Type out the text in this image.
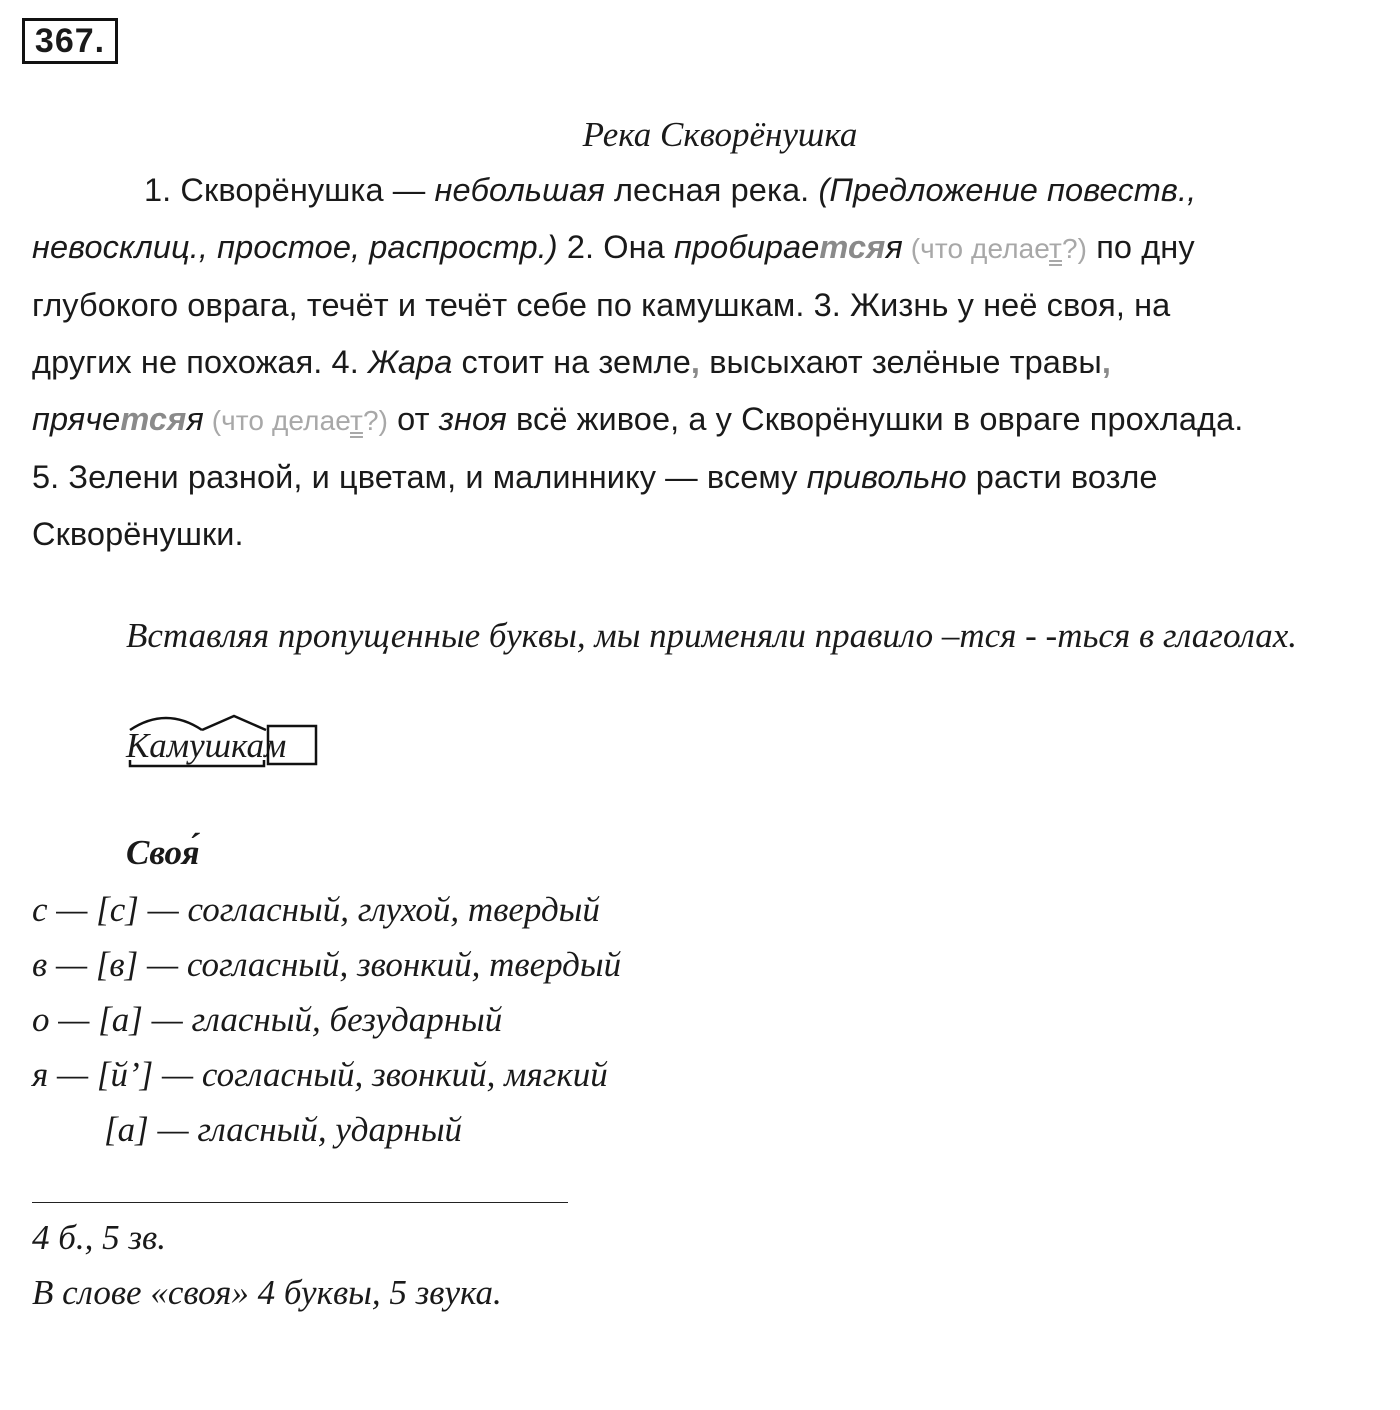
367.
Река Скворёнушка
1. Скворёнушка — небольшая лесная река. (Предложение повеств.,
невосклиц., простое, распростр.) 2. Она пробираетсяя (что делает?) по дну
глубокого оврага, течёт и течёт себе по камушкам. 3. Жизнь у неё своя, на
других не похожая. 4. Жара стоит на земле, высыхают зелёные травы,
прячетсяя (что делает?) от зноя всё живое, а у Скворёнушки в овраге прохлада.
5. Зелени разной, и цветам, и малиннику — всему привольно расти возле
Скворёнушки.
Вставляя пропущенные буквы, мы применяли правило –тся - -ться в глаголах.
Камушкам
Своя́
с — [с] — согласный, глухой, твердый
в — [в] — согласный, звонкий, твердый
о — [а] — гласный, безударный
я — [й’] — согласный, звонкий, мягкий
[а] — гласный, ударный
4 б., 5 зв.
В слове «своя» 4 буквы, 5 звука.
